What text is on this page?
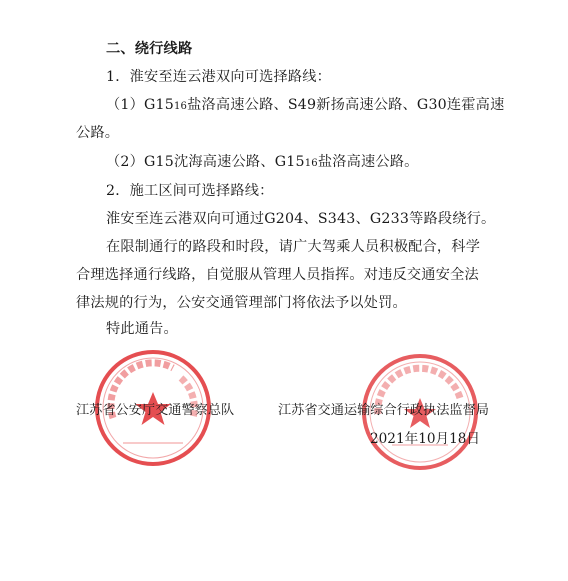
二、绕行线路
1．淮安至连云港双向可选择路线：
（1）G1516盐洛高速公路、S49新扬高速公路、G30连霍高速
公路。
（2）G15沈海高速公路、G1516盐洛高速公路。
2．施工区间可选择路线：
淮安至连云港双向可通过G204、S343、G233等路段绕行。
在限制通行的路段和时段，请广大驾乘人员积极配合，科学
合理选择通行线路，自觉服从管理人员指挥。对违反交通安全法
律法规的行为，公安交通管理部门将依法予以处罚。
特此通告。
江苏省公安厅交通警察总队	江苏省交通运输综合行政执法监督局
2021年10月18日
